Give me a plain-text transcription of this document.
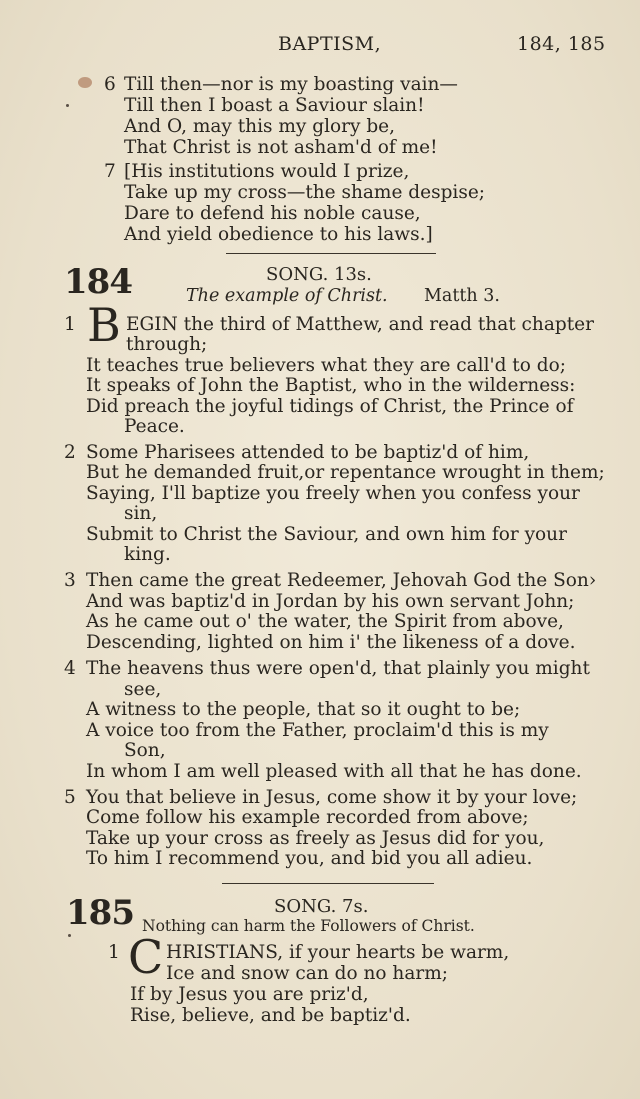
BAPTISM,	184, 185
6 Till then—nor is my boasting vain—
Till then I boast a Saviour slain!
And O, may this my glory be,
That Christ is not asham'd of me!
7 [His institutions would I prize,
Take up my cross—the shame despise;
Dare to defend his noble cause,
And yield obedience to his laws.]
184	SONG. 13s.
The example of Christ. Matth 3.
1 B EGIN the third of Matthew, and read that chapter
through;
It teaches true believers what they are call'd to do;
It speaks of John the Baptist, who in the wilderness:
Did preach the joyful tidings of Christ, the Prince of
Peace.
2 Some Pharisees attended to be baptiz'd of him,
But he demanded fruit,or repentance wrought in them;
Saying, I'll baptize you freely when you confess your
sin,
Submit to Christ the Saviour, and own him for your
king.
3 Then came the great Redeemer, Jehovah God the Son›
And was baptiz'd in Jordan by his own servant John;
As he came out o' the water, the Spirit from above,
Descending, lighted on him i' the likeness of a dove.
4 The heavens thus were open'd, that plainly you might
see,
A witness to the people, that so it ought to be;
A voice too from the Father, proclaim'd this is my
Son,
In whom I am well pleased with all that he has done.
5 You that believe in Jesus, come show it by your love;
Come follow his example recorded from above;
Take up your cross as freely as Jesus did for you,
To him I recommend you, and bid you all adieu.
185	SONG. 7s.
Nothing can harm the Followers of Christ.
1 C HRISTIANS, if your hearts be warm,
Ice and snow can do no harm;
If by Jesus you are priz'd,
Rise, believe, and be baptiz'd.
